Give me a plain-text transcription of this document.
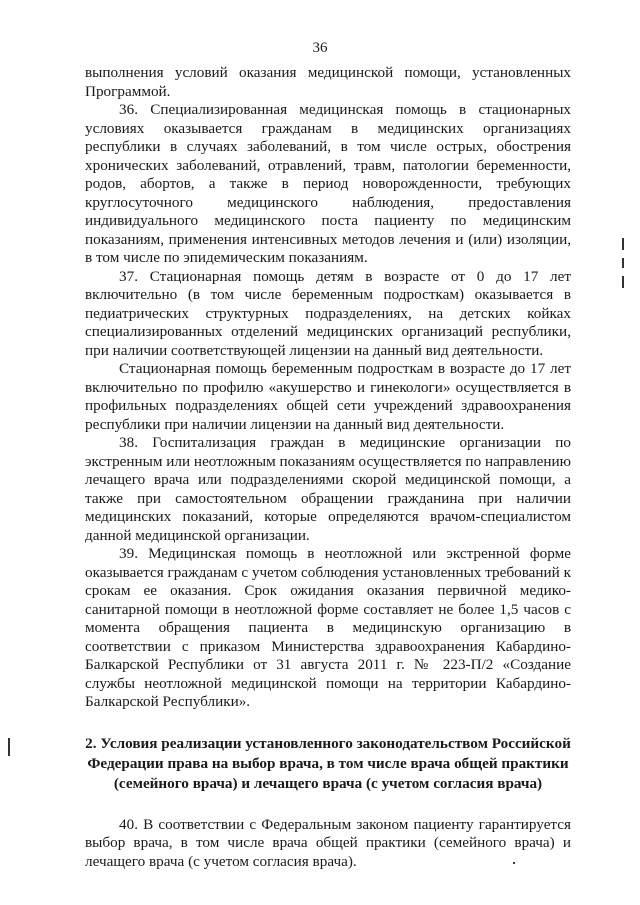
36

выполнения условий оказания медицинской помощи, установленных Программой.

36. Специализированная медицинская помощь в стационарных условиях оказывается гражданам в медицинских организациях республики в случаях заболеваний, в том числе острых, обострения хронических заболеваний, отравлений, травм, патологии беременности, родов, абортов, а также в период новорожденности, требующих круглосуточного медицинского наблюдения, предоставления индивидуального медицинского поста пациенту по медицинским показаниям, применения интенсивных методов лечения и (или) изоляции, в том числе по эпидемическим показаниям.

37. Стационарная помощь детям в возрасте от 0 до 17 лет включительно (в том числе беременным подросткам) оказывается в педиатрических структурных подразделениях, на детских койках специализированных отделений медицинских организаций республики, при наличии соответствующей лицензии на данный вид деятельности.

Стационарная помощь беременным подросткам в возрасте до 17 лет включительно по профилю «акушерство и гинекологи» осуществляется в профильных подразделениях общей сети учреждений здравоохранения республики при наличии лицензии на данный вид деятельности.

38. Госпитализация граждан в медицинские организации по экстренным или неотложным показаниям осуществляется по направлению лечащего врача или подразделениями скорой медицинской помощи, а также при самостоятельном обращении гражданина при наличии медицинских показаний, которые определяются врачом-специалистом данной медицинской организации.

39. Медицинская помощь в неотложной или экстренной форме оказывается гражданам с учетом соблюдения установленных требований к срокам ее оказания. Срок ожидания оказания первичной медико-санитарной помощи в неотложной форме составляет не более 1,5 часов с момента обращения пациента в медицинскую организацию в соответствии с приказом Министерства здравоохранения Кабардино-Балкарской Республики от 31 августа 2011 г. № 223-П/2 «Создание службы неотложной медицинской помощи на территории Кабардино-Балкарской Республики».

2. Условия реализации установленного законодательством Российской Федерации права на выбор врача, в том числе врача общей практики (семейного врача) и лечащего врача (с учетом согласия врача)

40. В соответствии с Федеральным законом пациенту гарантируется выбор врача, в том числе врача общей практики (семейного врача) и лечащего врача (с учетом согласия врача).
